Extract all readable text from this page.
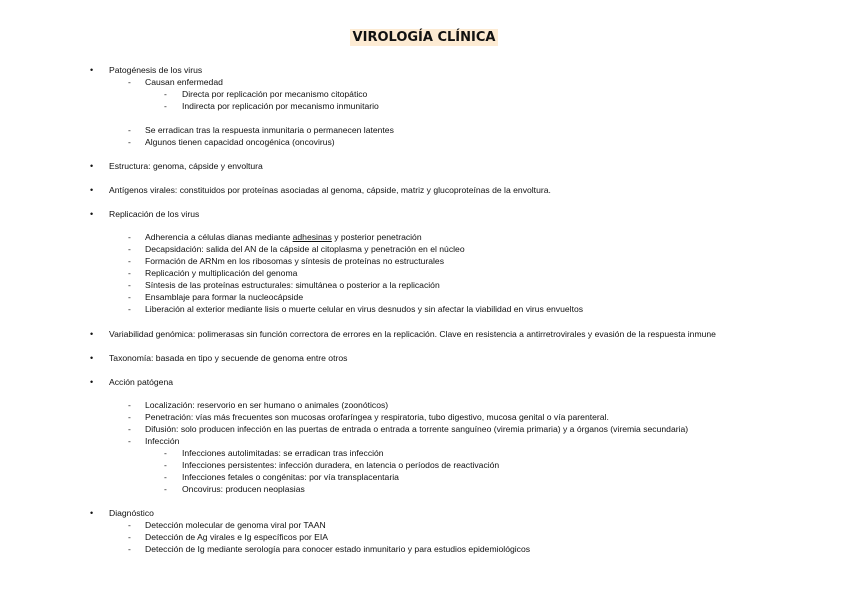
VIROLOGÍA CLÍNICA
• Patogénesis de los virus
- Causan enfermedad
- Directa por replicación por mecanismo citopático
- Indirecta por replicación por mecanismo inmunitario
- Se erradican tras la respuesta inmunitaria o permanecen latentes
- Algunos tienen capacidad oncogénica (oncovirus)
• Estructura: genoma, cápside y envoltura
• Antígenos virales: constituidos por proteínas asociadas al genoma, cápside, matriz y glucoproteínas de la envoltura.
• Replicación de los virus
- Adherencia a células dianas mediante adhesinas y posterior penetración
- Decapsidación: salida del AN de la cápside al citoplasma y penetración en el núcleo
- Formación de ARNm en los ribosomas y síntesis de proteínas no estructurales
- Replicación y multiplicación del genoma
- Síntesis de las proteínas estructurales: simultánea o posterior a la replicación
- Ensamblaje para formar la nucleocápside
- Liberación al exterior mediante lisis o muerte celular en virus desnudos y sin afectar la viabilidad en virus envueltos
• Variabilidad genómica: polimerasas sin función correctora de errores en la replicación. Clave en resistencia a antirretrovirales y evasión de la respuesta inmune
• Taxonomía: basada en tipo y secuende de genoma entre otros
• Acción patógena
- Localización: reservorio en ser humano o animales (zoonóticos)
- Penetración: vías más frecuentes son mucosas orofaríngea y respiratoria, tubo digestivo, mucosa genital o vía parenteral.
- Difusión: solo producen infección en las puertas de entrada o entrada a torrente sanguíneo (viremia primaria) y a órganos (viremia secundaria)
- Infección
- Infecciones autolimitadas: se erradican tras infección
- Infecciones persistentes: infección duradera, en latencia o períodos de reactivación
- Infecciones fetales o congénitas: por vía transplacentaria
- Oncovirus: producen neoplasias
• Diagnóstico
- Detección molecular de genoma viral por TAAN
- Detección de Ag virales e Ig específicos por EIA
- Detección de Ig mediante serología para conocer estado inmunitario y para estudios epidemiológicos
